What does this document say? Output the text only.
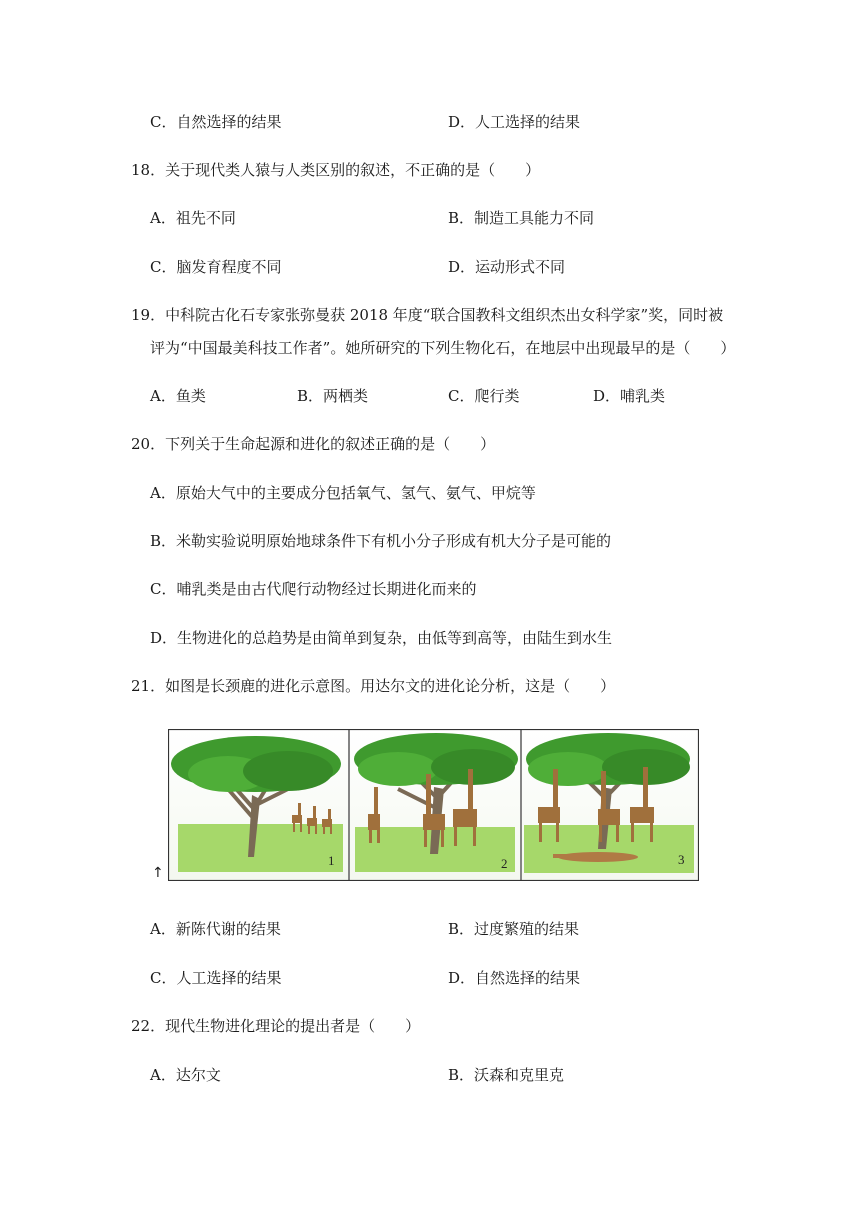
C．自然选择的结果	D．人工选择的结果
18．关于现代类人猿与人类区别的叙述，不正确的是（　　）
A．祖先不同	B．制造工具能力不同
C．脑发育程度不同	D．运动形式不同
19．中科院古化石专家张弥曼获 2018 年度“联合国教科文组织杰出女科学家”奖，同时被
评为“中国最美科技工作者”。她所研究的下列生物化石，在地层中出现最早的是（　　）
A．鱼类	B．两栖类	C．爬行类	D．哺乳类
20．下列关于生命起源和进化的叙述正确的是（　　）
A．原始大气中的主要成分包括氧气、氢气、氨气、甲烷等
B．米勒实验说明原始地球条件下有机小分子形成有机大分子是可能的
C．哺乳类是由古代爬行动物经过长期进化而来的
D．生物进化的总趋势是由简单到复杂，由低等到高等，由陆生到水生
21．如图是长颈鹿的进化示意图。用达尔文的进化论分析，这是（　　）
1	2	3
↑
A．新陈代谢的结果	B．过度繁殖的结果
C．人工选择的结果	D．自然选择的结果
22．现代生物进化理论的提出者是（　　）
A．达尔文	B．沃森和克里克
